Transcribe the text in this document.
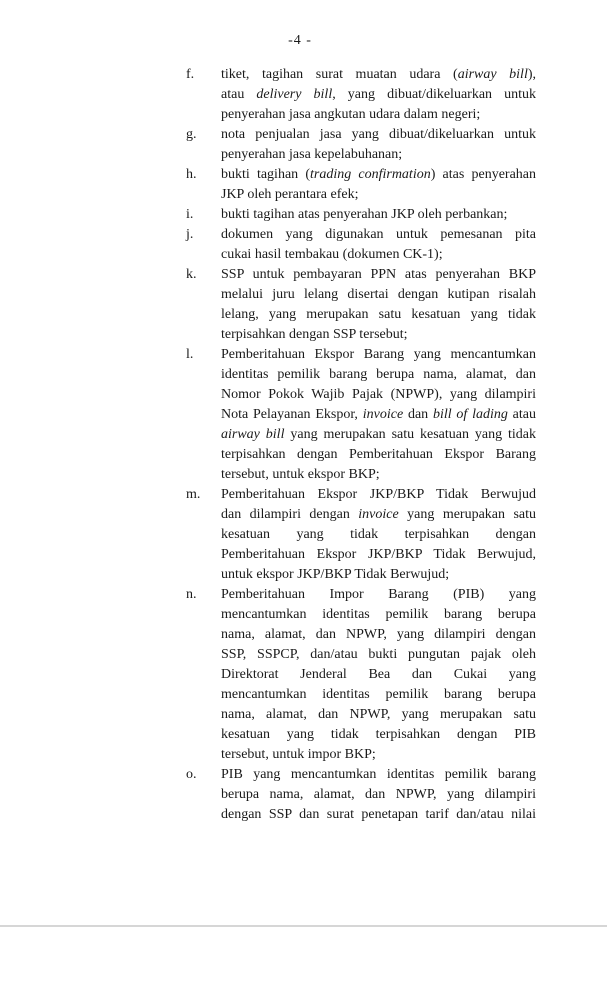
-4 -
f. tiket, tagihan surat muatan udara (airway bill),
atau delivery bill, yang dibuat/dikeluarkan untuk
penyerahan jasa angkutan udara dalam negeri;
g. nota penjualan jasa yang dibuat/dikeluarkan untuk
penyerahan jasa kepelabuhanan;
h. bukti tagihan (trading confirmation) atas penyerahan
JKP oleh perantara efek;
i. bukti tagihan atas penyerahan JKP oleh perbankan;
j. dokumen yang digunakan untuk pemesanan pita
cukai hasil tembakau (dokumen CK-1);
k. SSP untuk pembayaran PPN atas penyerahan BKP
melalui juru lelang disertai dengan kutipan risalah
lelang, yang merupakan satu kesatuan yang tidak
terpisahkan dengan SSP tersebut;
l. Pemberitahuan Ekspor Barang yang mencantumkan
identitas pemilik barang berupa nama, alamat, dan
Nomor Pokok Wajib Pajak (NPWP), yang dilampiri
Nota Pelayanan Ekspor, invoice dan bill of lading atau
airway bill yang merupakan satu kesatuan yang tidak
terpisahkan dengan Pemberitahuan Ekspor Barang
tersebut, untuk ekspor BKP;
m. Pemberitahuan Ekspor JKP/BKP Tidak Berwujud
dan dilampiri dengan invoice yang merupakan satu
kesatuan yang tidak terpisahkan dengan
Pemberitahuan Ekspor JKP/BKP Tidak Berwujud,
untuk ekspor JKP/BKP Tidak Berwujud;
n. Pemberitahuan Impor Barang (PIB) yang
mencantumkan identitas pemilik barang berupa
nama, alamat, dan NPWP, yang dilampiri dengan
SSP, SSPCP, dan/atau bukti pungutan pajak oleh
Direktorat Jenderal Bea dan Cukai yang
mencantumkan identitas pemilik barang berupa
nama, alamat, dan NPWP, yang merupakan satu
kesatuan yang tidak terpisahkan dengan PIB
tersebut, untuk impor BKP;
o. PIB yang mencantumkan identitas pemilik barang
berupa nama, alamat, dan NPWP, yang dilampiri
dengan SSP dan surat penetapan tarif dan/atau nilai
